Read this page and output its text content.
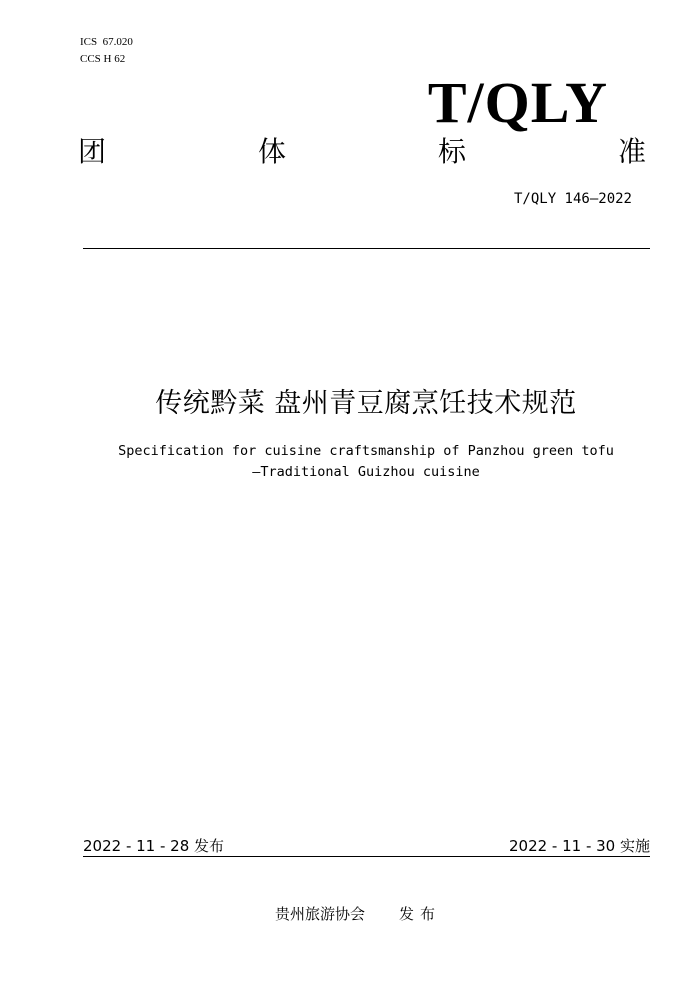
ICS  67.020
CCS H 62
T/QLY
团	体	标	准
T/QLY 146—2022
传统黔菜 盘州青豆腐烹饪技术规范
Specification for cuisine craftsmanship of Panzhou green tofu
—Traditional Guizhou cuisine
2022 - 11 - 28 发布	2022 - 11 - 30 实施
贵州旅游协会 发布
